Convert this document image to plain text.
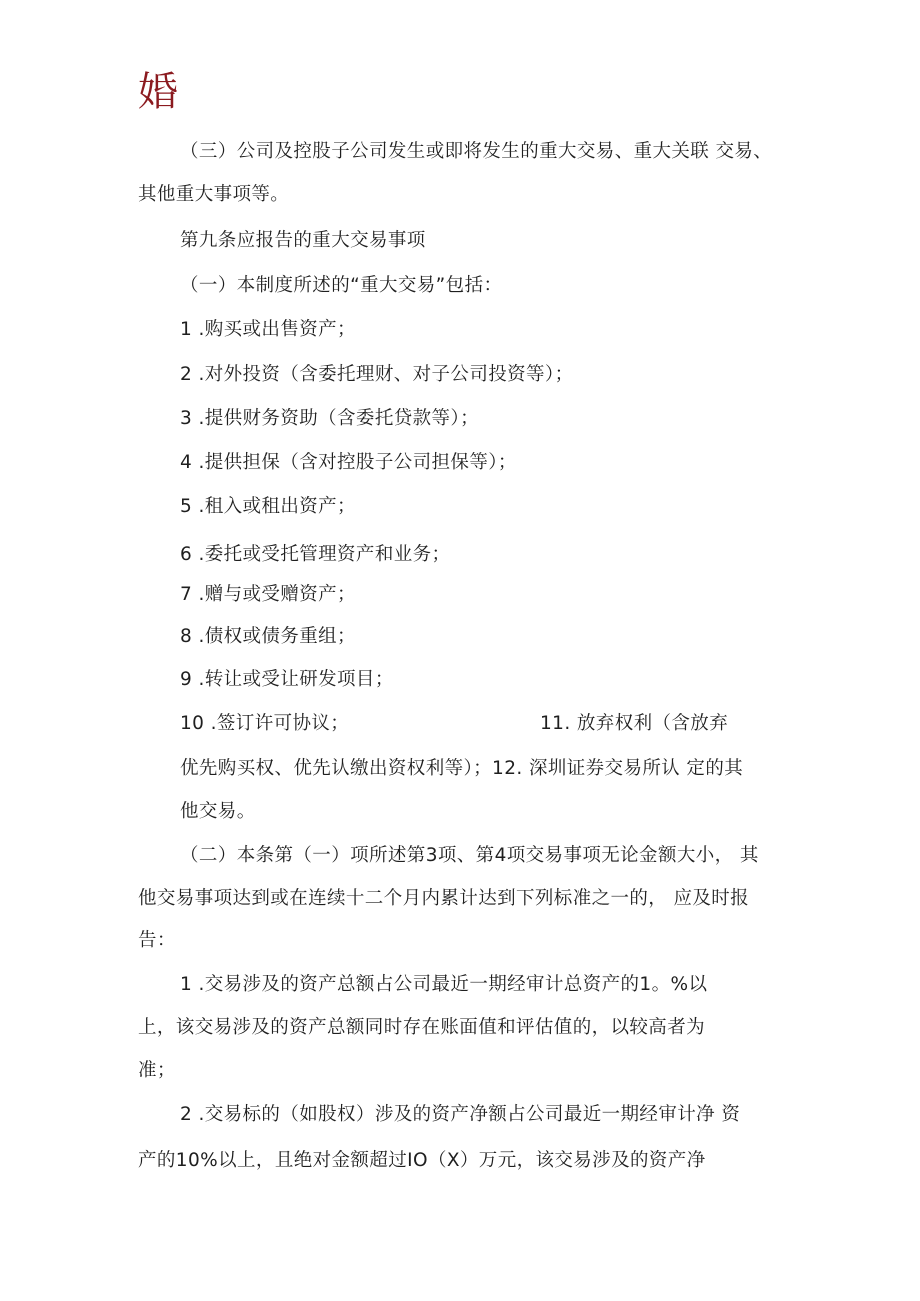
婚
（三）公司及控股子公司发生或即将发生的重大交易、重大关联 交易、
其他重大事项等。
第九条应报告的重大交易事项
（一）本制度所述的“重大交易”包括：
1 .购买或出售资产；
2 .对外投资（含委托理财、对子公司投资等）；
3 .提供财务资助（含委托贷款等）；
4 .提供担保（含对控股子公司担保等）；
5 .租入或租出资产；
6 .委托或受托管理资产和业务；
7 .赠与或受赠资产；
8 .债权或债务重组；
9 .转让或受让研发项目；
10 .签订许可协议；	11. 放弃权利（含放弃
优先购买权、优先认缴出资权利等）；12. 深圳证券交易所认 定的其
他交易。
（二）本条第（一）项所述第3项、第4项交易事项无论金额大小， 其
他交易事项达到或在连续十二个月内累计达到下列标准之一的， 应及时报
告：
1 .交易涉及的资产总额占公司最近一期经审计总资产的1。%以
上，该交易涉及的资产总额同时存在账面值和评估值的，以较高者为
准；
2 .交易标的（如股权）涉及的资产净额占公司最近一期经审计净 资
产的10%以上，且绝对金额超过IO（X）万元，该交易涉及的资产净
